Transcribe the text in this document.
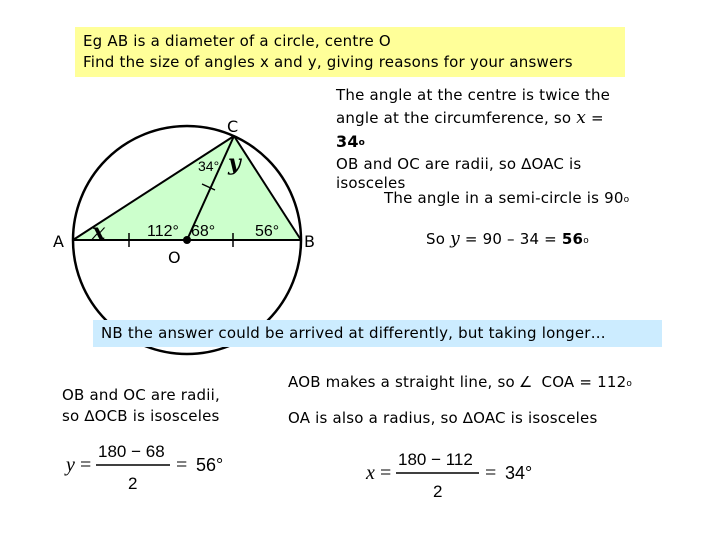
Eg AB is a diameter of a circle, centre O
Find the size of angles x and y, giving reasons for your answers
A	B
C
O
x
y
34°
112° 68° 56°
The angle at the centre is twice the
angle at the circumference, so x =
$34^o$
OB and OC are radii, so ∆OAC is
isosceles
The angle in a semi-circle is 90$^o$
So $y = 90 - 34 = 56^o$
NB the answer could be arrived at differently, but taking longer…
OB and OC are radii,
so ∆OCB is isosceles
y =
180 − 68
2
= 56°
AOB makes a straight line, so ∠ COA = $112^o$
OA is also a radius, so ∆OAC is isosceles
x =
180 − 112
2
= 34°
